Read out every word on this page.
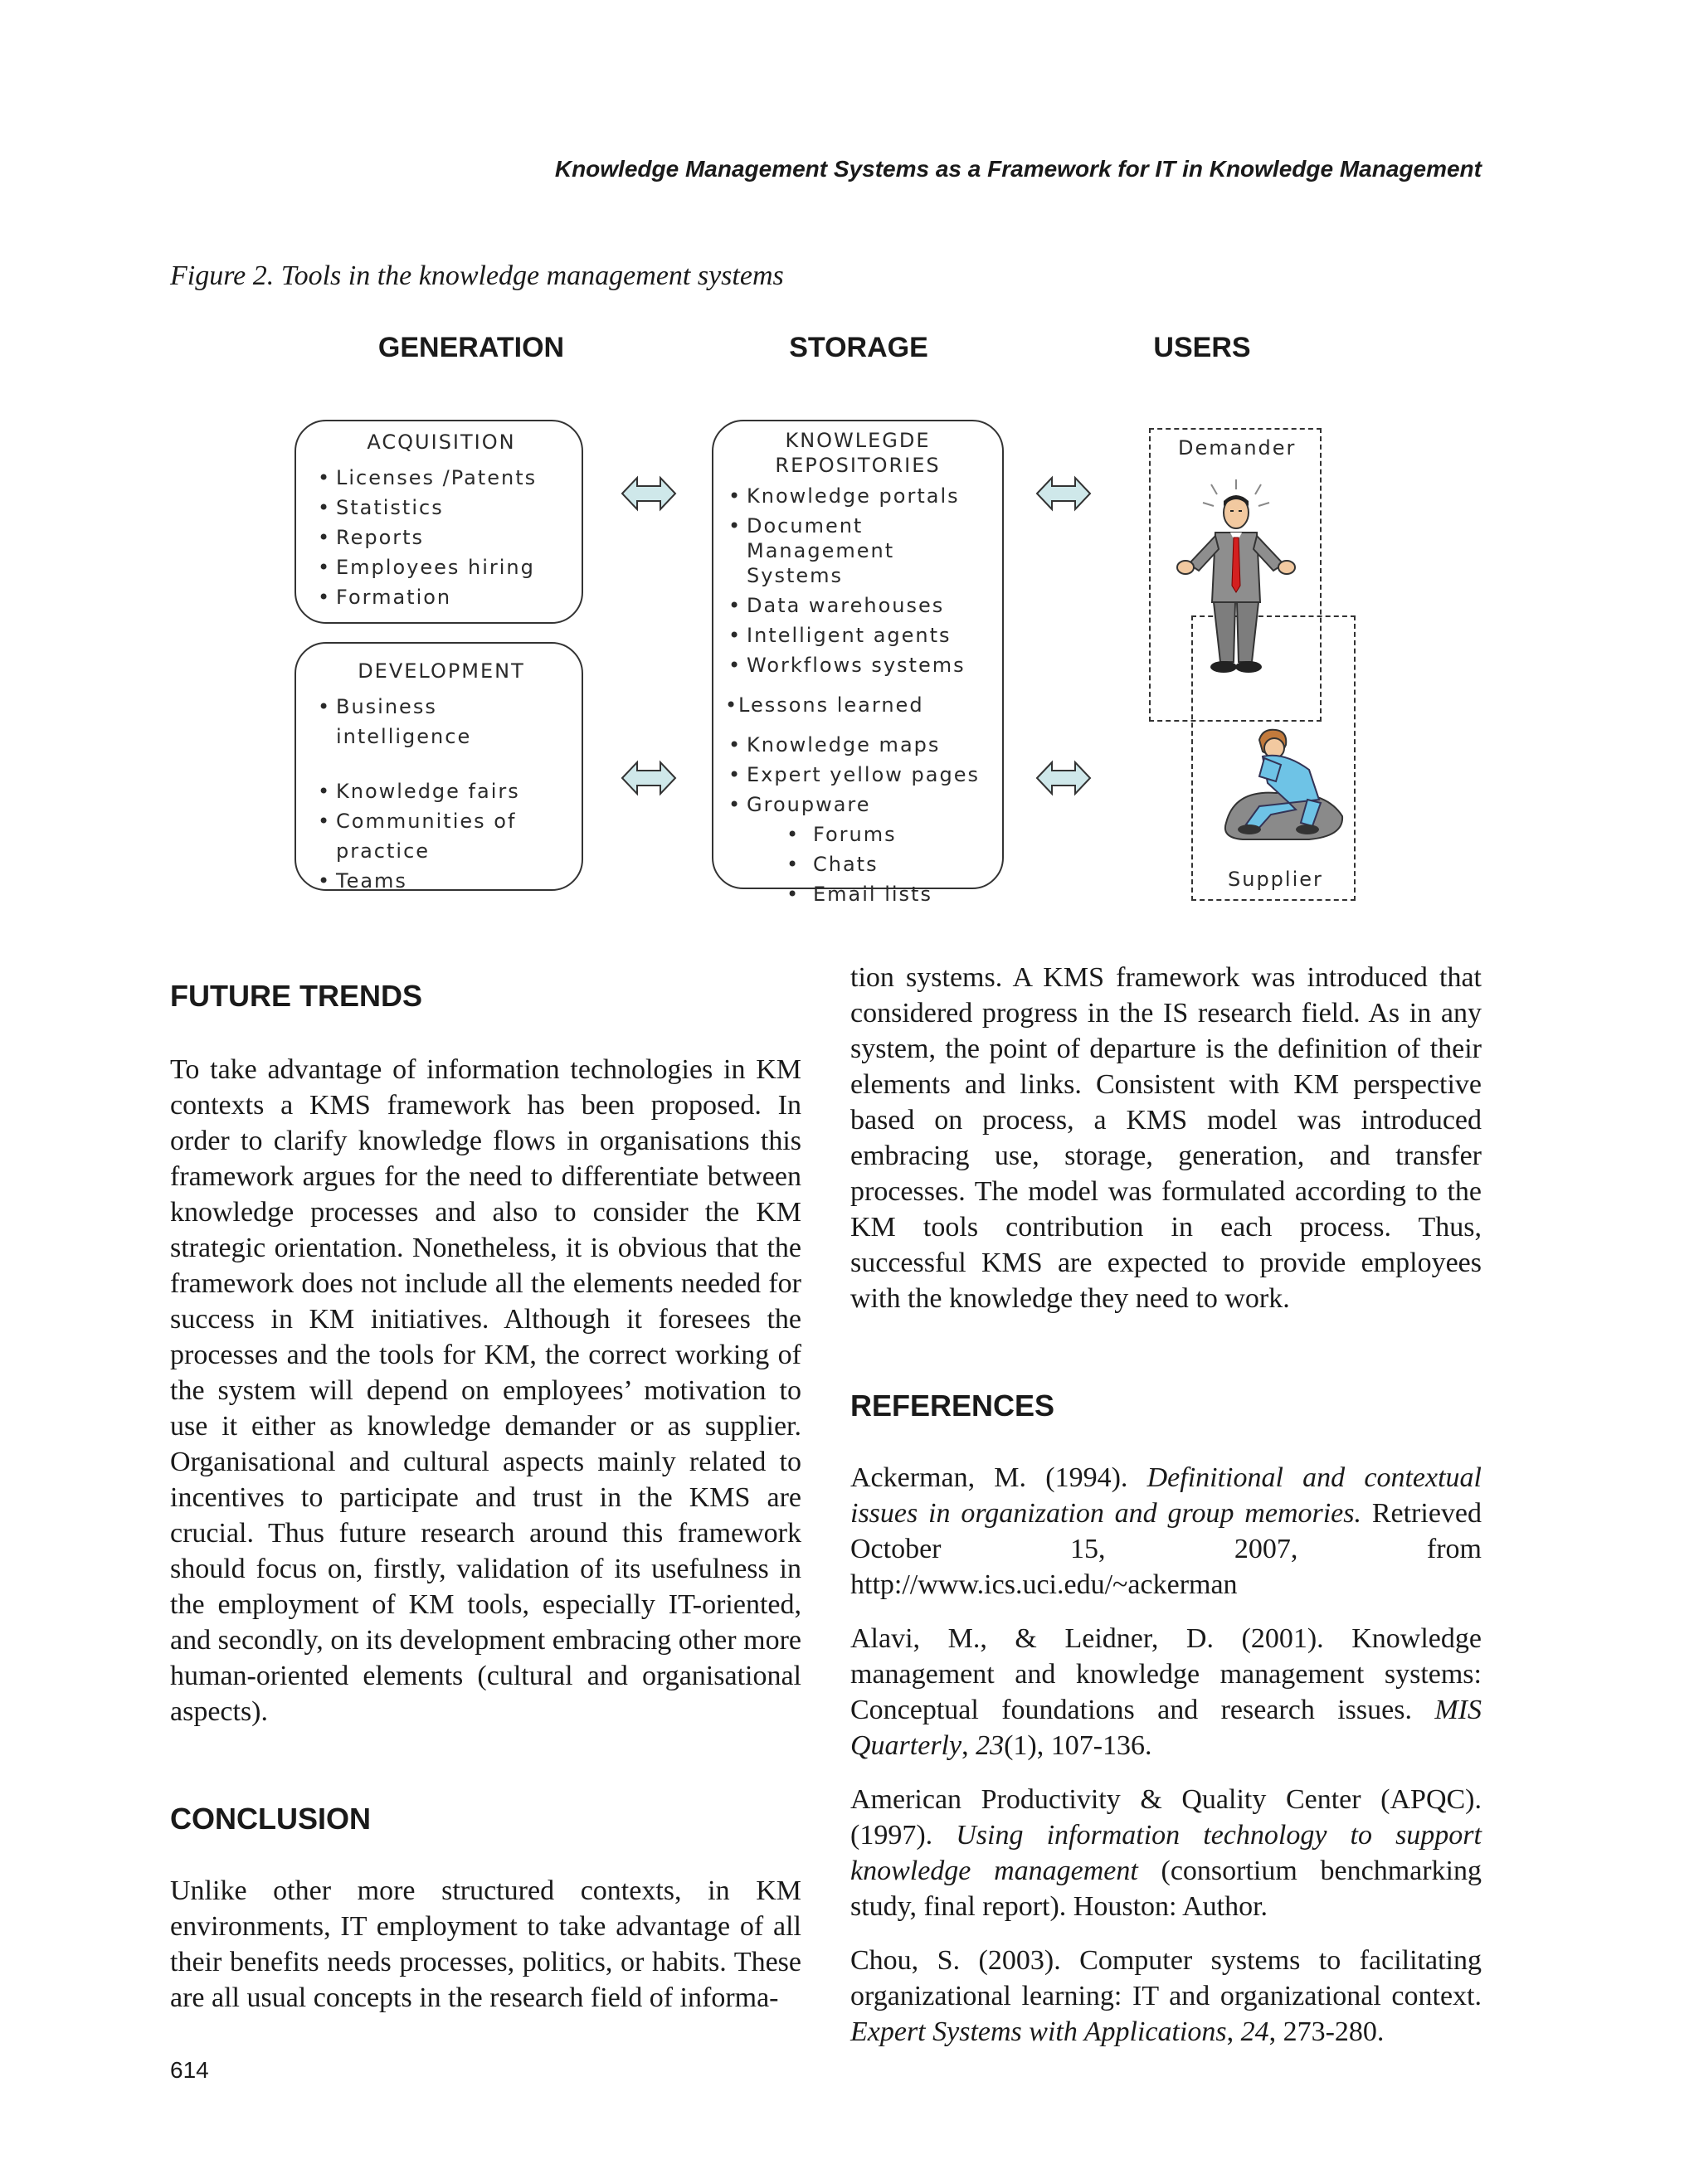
Knowledge Management Systems as a Framework for IT in Knowledge Management
Figure 2. Tools in the knowledge management systems
GENERATION	STORAGE	USERS
ACQUISITION
• Licenses /Patents
• Statistics
• Reports
• Employees hiring
• Formation
DEVELOPMENT
• Business intelligence
• Knowledge fairs
• Communities of practice
• Teams
KNOWLEGDE
REPOSITORIES
• Knowledge portals
• Document Management Systems
• Data warehouses
• Intelligent agents
• Workflows systems
• Lessons learned
• Knowledge maps
• Expert yellow pages
• Groupware
• Forums
• Chats
• Email lists
Demander
Supplier
FUTURE TRENDS

To take advantage of information technologies in KM contexts a KMS framework has been proposed. In order to clarify knowledge flows in organisations this framework argues for the need to differentiate between knowledge processes and also to consider the KM strategic orientation. Nonetheless, it is obvious that the framework does not include all the elements needed for success in KM initiatives. Although it foresees the processes and the tools for KM, the correct working of the system will depend on employees’ motivation to use it either as knowledge demander or as supplier. Organisational and cultural aspects mainly related to incentives to participate and trust in the KMS are crucial. Thus future research around this framework should focus on, firstly, validation of its usefulness in the employment of KM tools, especially IT-oriented, and secondly, on its development embracing other more human-oriented elements (cultural and organisational aspects).

CONCLUSION

Unlike other more structured contexts, in KM environments, IT employment to take advantage of all their benefits needs processes, politics, or habits. These are all usual concepts in the research field of informa-

tion systems. A KMS framework was introduced that considered progress in the IS research field. As in any system, the point of departure is the definition of their elements and links. Consistent with KM perspective based on process, a KMS model was introduced embracing use, storage, generation, and transfer processes. The model was formulated according to the KM tools contribution in each process. Thus, successful KMS are expected to provide employees with the knowledge they need to work.

REFERENCES
Ackerman, M. (1994). Definitional and contextual issues in organization and group memories. Retrieved October 15, 2007, from http://www.ics.uci.edu/~ackerman
Alavi, M., & Leidner, D. (2001). Knowledge management and knowledge management systems: Conceptual foundations and research issues. MIS Quarterly, 23(1), 107-136.
American Productivity & Quality Center (APQC). (1997). Using information technology to support knowledge management (consortium benchmarking study, final report). Houston: Author.
Chou, S. (2003). Computer systems to facilitating organizational learning: IT and organizational context. Expert Systems with Applications, 24, 273-280.
614
